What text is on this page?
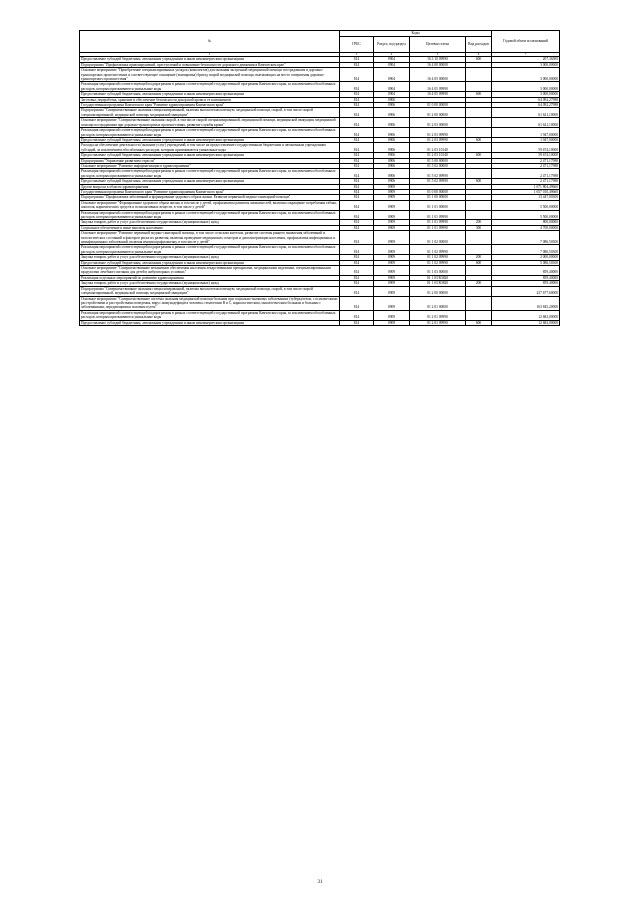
№	Коды				Годовой объем ассигнований
	ГРБС	Раздел, под-раздел	Целевая статья	Вид расходов	
2	3	4	5	6	7
Предоставление субсидий бюджетным, автономным учреждениям и иным некоммерческим организациям	814	0904	16 3 10 09990	600	207,36500
Подпрограмма "Профилактика правонарушений, преступлений и повышение безопасности дорожного движения в Камчатском крае"	814	0904	16 4 00 00000		3 000,00000
Основное мероприятие "Приобретение специализированных укладок (комплектов) для оказания экстренной медицинской помощи пострадавшим в дорожно-транспортных происшествиях и соответствующее оснащение (экипировка) бригад скорой медицинской помощи, выезжающих на место совершения дорожно-транспортного происшествия"	814	0904	16 4 05 00000		3 000,00000
Реализация мероприятий соответствующей подпрограммы в рамках соответствующей государственной программы Камчатского края, за исключением обособленных расходов, которым присваиваются уникальные коды	814	0904	16 4 05 09990		3 000,00000
Предоставление субсидий бюджетным, автономным учреждениям и иным некоммерческим организациям	814	0904	16 4 05 09990	600	3 000,00000
Заготовка, переработка, хранение и обеспечение безопасности донорской крови и ее компонентов	814	0906			64 092,27988
Государственная программа Камчатского края "Развитие здравоохранения Камчатского края"	814	0906	01 0 00 00000		64 092,27988
Подпрограмма "Совершенствование оказания специализированной, включая высокотехнологичную, медицинской помощи, скорой, в том числе скорой специализированной, медицинской помощи, медицинской эвакуации"	814	0906	01 2 00 00000		61 621,10000
Основное мероприятие "Совершенствование оказания скорой, в том числе скорой специализированной, медицинской помощи, медицинской эвакуации, медицинской помощи пострадавшим при дорожно-транспортных происшествиях, развитие службы крови"	814	0906	01 2 03 00000		61 621,10000
Реализация мероприятий соответствующей подпрограммы в рамках соответствующей государственной программы Камчатского края, за исключением обособленных расходов, которым присваиваются уникальные коды	814	0906	01 2 03 09990		1 947,00000
Предоставление субсидий бюджетным, автономным учреждениям и иным некоммерческим организациям	814	0906	01 2 03 09990	600	1 947,00000
Расходы на обеспечение деятельности (оказание услуг) учреждений, в том числе на предоставление государственным бюджетным и автономным учреждениям субсидий, за исключением обособленных расходов, которым присваиваются уникальные коды	814	0906	01 2 03 10140		59 674,10000
Предоставление субсидий бюджетным, автономным учреждениям и иным некоммерческим организациям	814	0906	01 2 03 10140	600	59 674,10000
Подпрограмма "Управление развитием отрасли"	814	0906	01 5 00 00000		2 471,17988
Основное мероприятие "Развитие информатизации в здравоохранении"	814	0906	01 5 02 00000		2 471,17988
Реализация мероприятий соответствующей подпрограммы в рамках соответствующей государственной программы Камчатского края, за исключением обособленных расходов, которым присваиваются уникальные коды	814	0906	01 5 02 09990		2 471,17988
Предоставление субсидий бюджетным, автономным учреждениям и иным некоммерческим организациям	814	0906	01 5 02 09990	600	2 471,17988
Другие вопросы в области здравоохранения	814	0909			1 671 804,49660
Государственная программа Камчатского края "Развитие здравоохранения Камчатского края"	814	0909	01 0 00 00000		1 657 010,49660
Подпрограмма "Профилактика заболеваний и формирование здорового образа жизни. Развитие первичной медико-санитарной помощи"	814	0909	01 1 00 00000		13 447,00300
Основное мероприятие "Формирование здорового образа жизни, в том числе у детей, профилактика развития зависимостей, включая сокращение потребления табака, алкоголя, наркотических средств и психоактивных веществ, в том числе у детей"	814	0909	01 1 01 00000		5 500,00000
Реализация мероприятий соответствующей подпрограммы в рамках соответствующей государственной программы Камчатского края, за исключением обособленных расходов, которым присваиваются уникальные коды	814	0909	01 1 01 09990		5 500,00000
Закупка товаров, работ и услуг для обеспечения государственных (муниципальных) нужд	814	0909	01 1 01 09990	200	800,00000
Социальное обеспечение и иные выплаты населению	814	0909	01 1 01 09990	300	4 700,00000
Основное мероприятие "Развитие первичной медико-санитарной помощи, в том числе сельским жителям, развитие системы раннего выявления заболеваний и патологических состояний и факторов риска их развития, включая проведение медицинских осмотров и диспансеризации населения, профилактика инфекционных и неинфекционных заболеваний, включая иммунопрофилактику, в том числе у детей"	814	0909	01 1 02 00000		7 086,50300
Реализация мероприятий соответствующей подпрограммы в рамках соответствующей государственной программы Камчатского края, за исключением обособленных расходов, которым присваиваются уникальные коды	814	0909	01 1 02 09990		7 086,50300
Закупка товаров, работ и услуг для обеспечения государственных (муниципальных) нужд	814	0909	01 1 02 09990	200	2 000,00000
Предоставление субсидий бюджетным, автономным учреждениям и иным некоммерческим организациям	814	0909	01 1 02 09990	600	5 086,50300
Основное мероприятие "Совершенствование механизмов обеспечения населения лекарственными препаратами, медицинскими изделиями, специализированными продуктами лечебного питания для детей в амбулаторных условиях"	814	0909	01 1 03 00000		859,40000
Реализация отдельных мероприятий по развитию здравоохранения	814	0909	01 1 03 R3820		859,40000
Закупка товаров, работ и услуг для обеспечения государственных (муниципальных) нужд	814	0909	01 1 03 R3820	200	859,40000
Подпрограмма "Совершенствование оказания специализированной, включая высокотехнологичную, медицинской помощи, скорой, в том числе скорой специализированной, медицинской помощи, медицинской эвакуации"	814	0909	01 2 00 00000		237 677,60000
Основное мероприятие "Совершенствование системы оказания медицинской помощи больным при социально-значимых заболеваниях (туберкулезом, с психическими расстройствами и расстройствами поведения, вирус иммунодефицита человека, гепатитами B и C, наркологическим, онкологическим больным и больным с заболеваниями, передающимися половым путем"	814	0909	01 2 01 00000		163 845,20000
Реализация мероприятий соответствующей подпрограммы в рамках соответствующей государственной программы Камчатского края, за исключением обособленных расходов, которым присваиваются уникальные коды	814	0909	01 2 01 09990		12 682,00000
Предоставление субсидий бюджетным, автономным учреждениям и иным некоммерческим организациям	814	0909	01 2 01 09990	600	12 682,00000
31
